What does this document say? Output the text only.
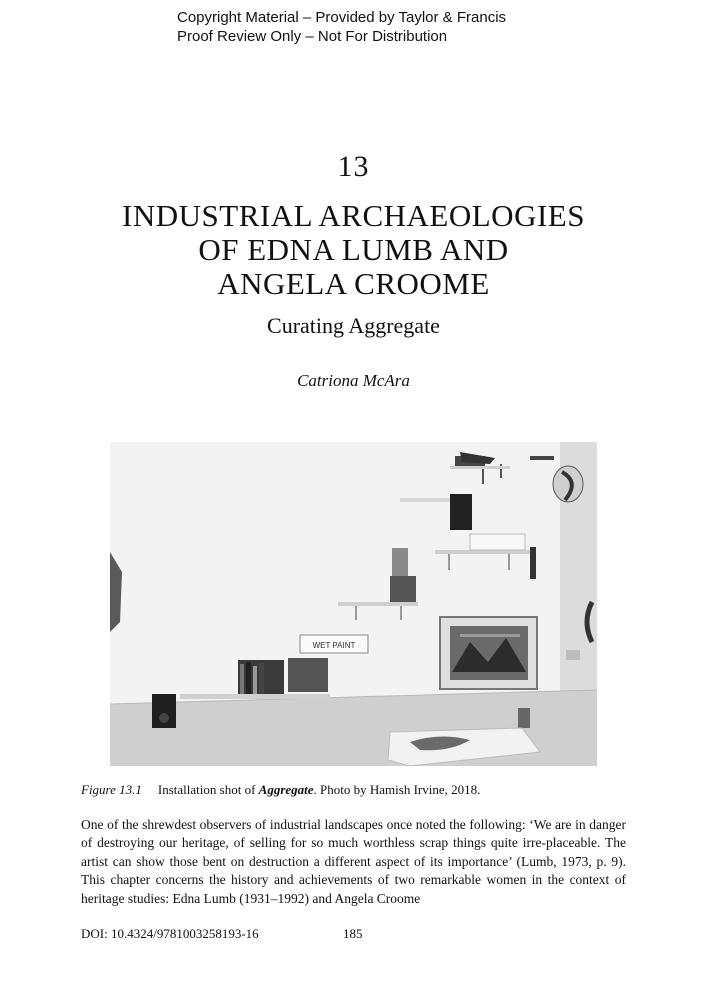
Copyright Material – Provided by Taylor & Francis
Proof Review Only – Not For Distribution
13
INDUSTRIAL ARCHAEOLOGIES
OF EDNA LUMB AND
ANGELA CROOME
Curating Aggregate
Catriona McAra
WET PAINT
Figure 13.1 Installation shot of Aggregate. Photo by Hamish Irvine, 2018.

One of the shrewdest observers of industrial landscapes once noted the following: ‘We are in danger of destroying our heritage, of selling for so much worthless scrap things quite irre-placeable. The artist can show those bent on destruction a different aspect of its importance’ (Lumb, 1973, p. 9). This chapter concerns the history and achievements of two remarkable women in the context of heritage studies: Edna Lumb (1931–1992) and Angela Croome

DOI: 10.4324/9781003258193-16	185
